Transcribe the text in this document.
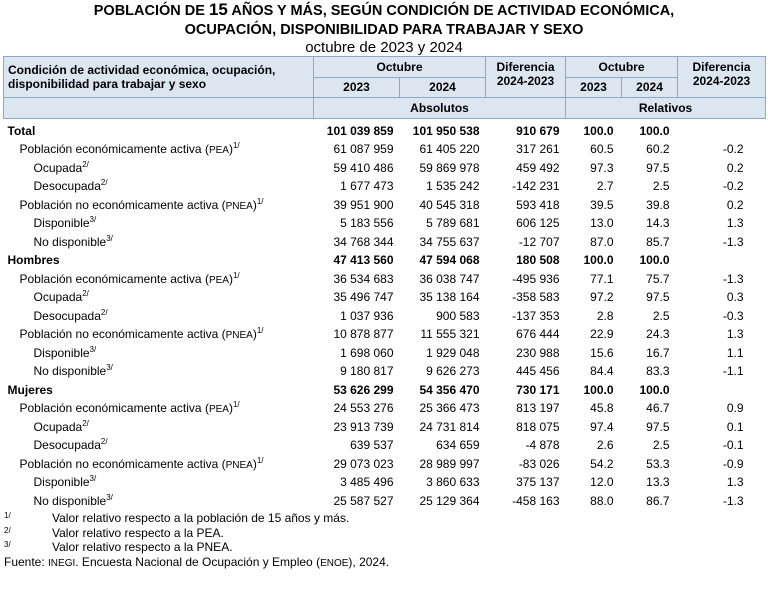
POBLACIÓN DE 15 AÑOS Y MÁS, SEGÚN CONDICIÓN DE ACTIVIDAD ECONÓMICA,
OCUPACIÓN, DISPONIBILIDAD PARA TRABAJAR Y SEXO
octubre de 2023 y 2024
Condición de actividad económica, ocupación, disponibilidad para trabajar y sexo	Octubre		Diferencia 2024-2023	Octubre		Diferencia 2024-2023
	2023	2024		2023	2024	
	Absolutos			Relativos		
Total	101 039 859	101 950 538	910 679	100.0	100.0	
Población económicamente activa (PEA)$^{1/}$	61 087 959	61 405 220	317 261	60.5	60.2	-0.2
Ocupada$^{2/}$	59 410 486	59 869 978	459 492	97.3	97.5	0.2
Desocupada$^{2/}$	1 677 473	1 535 242	-142 231	2.7	2.5	-0.2
Población no económicamente activa (PNEA)$^{1/}$	39 951 900	40 545 318	593 418	39.5	39.8	0.2
Disponible$^{3/}$	5 183 556	5 789 681	606 125	13.0	14.3	1.3
No disponible$^{3/}$	34 768 344	34 755 637	-12 707	87.0	85.7	-1.3
Hombres	47 413 560	47 594 068	180 508	100.0	100.0	
Población económicamente activa (PEA)$^{1/}$	36 534 683	36 038 747	-495 936	77.1	75.7	-1.3
Ocupada$^{2/}$	35 496 747	35 138 164	-358 583	97.2	97.5	0.3
Desocupada$^{2/}$	1 037 936	900 583	-137 353	2.8	2.5	-0.3
Población no económicamente activa (PNEA)$^{1/}$	10 878 877	11 555 321	676 444	22.9	24.3	1.3
Disponible$^{3/}$	1 698 060	1 929 048	230 988	15.6	16.7	1.1
No disponible$^{3/}$	9 180 817	9 626 273	445 456	84.4	83.3	-1.1
Mujeres	53 626 299	54 356 470	730 171	100.0	100.0	
Población económicamente activa (PEA)$^{1/}$	24 553 276	25 366 473	813 197	45.8	46.7	0.9
Ocupada$^{2/}$	23 913 739	24 731 814	818 075	97.4	97.5	0.1
Desocupada$^{2/}$	639 537	634 659	-4 878	2.6	2.5	-0.1
Población no económicamente activa (PNEA)$^{1/}$	29 073 023	28 989 997	-83 026	54.2	53.3	-0.9
Disponible$^{3/}$	3 485 496	3 860 633	375 137	12.0	13.3	1.3
No disponible$^{3/}$	25 587 527	25 129 364	-458 163	88.0	86.7	-1.3
1/	Valor relativo respecto a la población de 15 años y más.
2/	Valor relativo respecto a la PEA.
3/	Valor relativo respecto a la PNEA.
Fuente: INEGI. Encuesta Nacional de Ocupación y Empleo (ENOE), 2024.
